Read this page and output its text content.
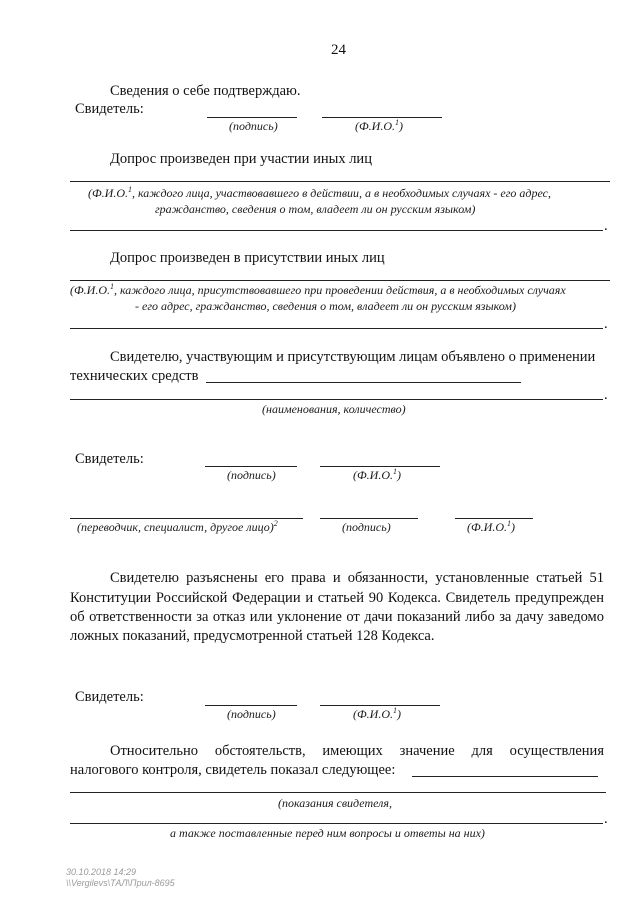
24
Сведения о себе подтверждаю.
Свидетель:
(подпись)	(Ф.И.О.$^1$)
Допрос произведен при участии иных лиц
(Ф.И.О.$^1$, каждого лица, участвовавшего в действии, а в необходимых случаях - его адрес,
гражданство, сведения о том, владеет ли он русским языком)
.
Допрос произведен в присутствии иных лиц
(Ф.И.О.$^1$, каждого лица, присутствовавшего при проведении действия, а в необходимых случаях
- его адрес, гражданство, сведения о том, владеет ли он русским языком)
.
Свидетелю, участвующим и присутствующим лицам объявлено о применении
технических средств
.
(наименования, количество)
Свидетель:
(подпись)	(Ф.И.О.$^1$)
(переводчик, специалист, другое лицо)$^2$	(подпись)	(Ф.И.О.$^1$)
Свидетелю разъяснены его права и обязанности, установленные статьей 51
Конституции Российской Федерации и статьей 90 Кодекса. Свидетель предупрежден
об ответственности за отказ или уклонение от дачи показаний либо за дачу заведомо
ложных показаний, предусмотренной статьей 128 Кодекса.
Свидетель:
(подпись)	(Ф.И.О.$^1$)
Относительно обстоятельств, имеющих значение для осуществления
налогового контроля, свидетель показал следующее:
(показания свидетеля,
.
а также поставленные перед ним вопросы и ответы на них)
30.10.2018 14:29
\\Vergilevs\ТАЛ\Прил-8695
